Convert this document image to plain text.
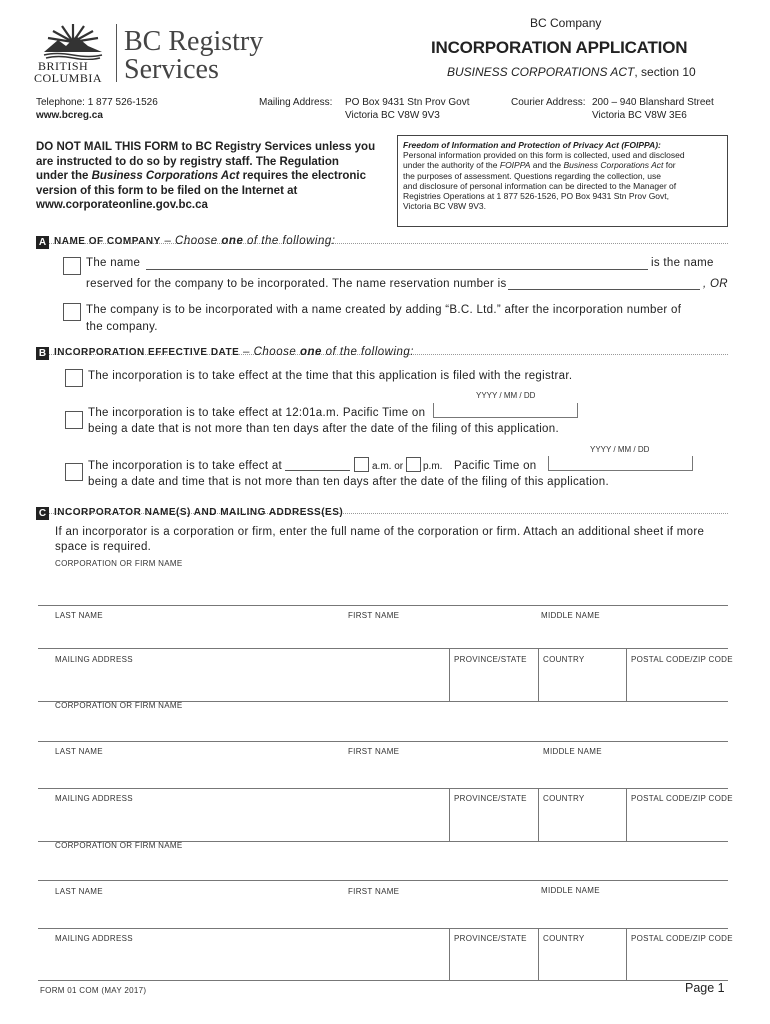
BRITISH
COLUMBIA
BC Registry
Services
BC Company
INCORPORATION APPLICATION
BUSINESS CORPORATIONS ACT, section 10
Telephone: 1 877 526-1526
www.bcreg.ca
Mailing Address: PO Box 9431 Stn Prov Govt
Victoria BC V8W 9V3
Courier Address: 200 – 940 Blanshard Street
Victoria BC V8W 3E6
DO NOT MAIL THIS FORM to BC Registry Services unless you
are instructed to do so by registry staff. The Regulation
under the Business Corporations Act requires the electronic
version of this form to be filed on the Internet at
www.corporateonline.gov.bc.ca
Freedom of Information and Protection of Privacy Act (FOIPPA):
Personal information provided on this form is collected, used and disclosed
under the authority of the FOIPPA and the Business Corporations Act for
the purposes of assessment. Questions regarding the collection, use
and disclosure of personal information can be directed to the Manager of
Registries Operations at 1 877 526-1526, PO Box 9431 Stn Prov Govt,
Victoria BC V8W 9V3.
A NAME OF COMPANY – Choose one of the following:
The name	is the name
reserved for the company to be incorporated. The name reservation number is	, OR
The company is to be incorporated with a name created by adding “B.C. Ltd.” after the incorporation number of
the company.
B INCORPORATION EFFECTIVE DATE – Choose one of the following:
The incorporation is to take effect at the time that this application is filed with the registrar.
YYYY / MM / DD
The incorporation is to take effect at 12:01a.m. Pacific Time on
being a date that is not more than ten days after the date of the filing of this application.
YYYY / MM / DD
The incorporation is to take effect at	a.m. or p.m. Pacific Time on
being a date and time that is not more than ten days after the date of the filing of this application.
C INCORPORATOR NAME(S) AND MAILING ADDRESS(ES)
If an incorporator is a corporation or firm, enter the full name of the corporation or firm. Attach an additional sheet if more
space is required.
CORPORATION OR FIRM NAME
LAST NAME	FIRST NAME	MIDDLE NAME
MAILING ADDRESS	PROVINCE/STATE COUNTRY	POSTAL CODE/ZIP CODE
CORPORATION OR FIRM NAME
LAST NAME	FIRST NAME	MIDDLE NAME
MAILING ADDRESS	PROVINCE/STATE COUNTRY	POSTAL CODE/ZIP CODE
CORPORATION OR FIRM NAME
LAST NAME	FIRST NAME	MIDDLE NAME
MAILING ADDRESS	PROVINCE/STATE COUNTRY	POSTAL CODE/ZIP CODE
FORM 01 COM (MAY 2017)	Page 1
